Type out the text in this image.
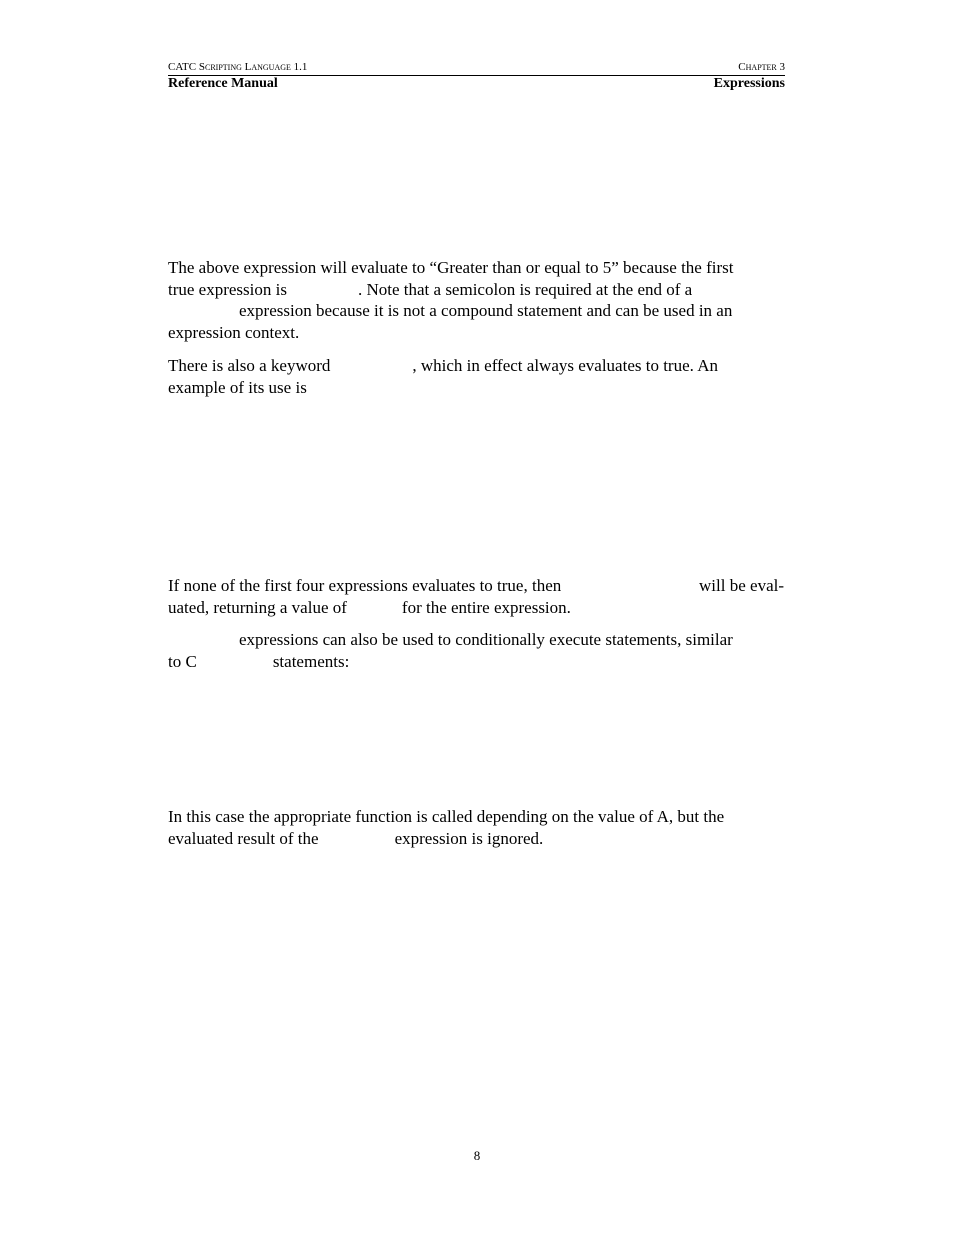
CATC Scripting Language 1.1	Chapter 3
Reference Manual	Expressions
The above expression will evaluate to “Greater than or equal to 5” because the first
true expression is	. Note that a semicolon is required at the end of a
expression because it is not a compound statement and can be used in an
expression context.
There is also a keyword	, which in effect always evaluates to true. An
example of its use is
If none of the first four expressions evaluates to true, then	will be eval-
uated, returning a value of	for the entire expression.
expressions can also be used to conditionally execute statements, similar
to C	statements:
In this case the appropriate function is called depending on the value of A, but the
evaluated result of the	expression is ignored.
8
